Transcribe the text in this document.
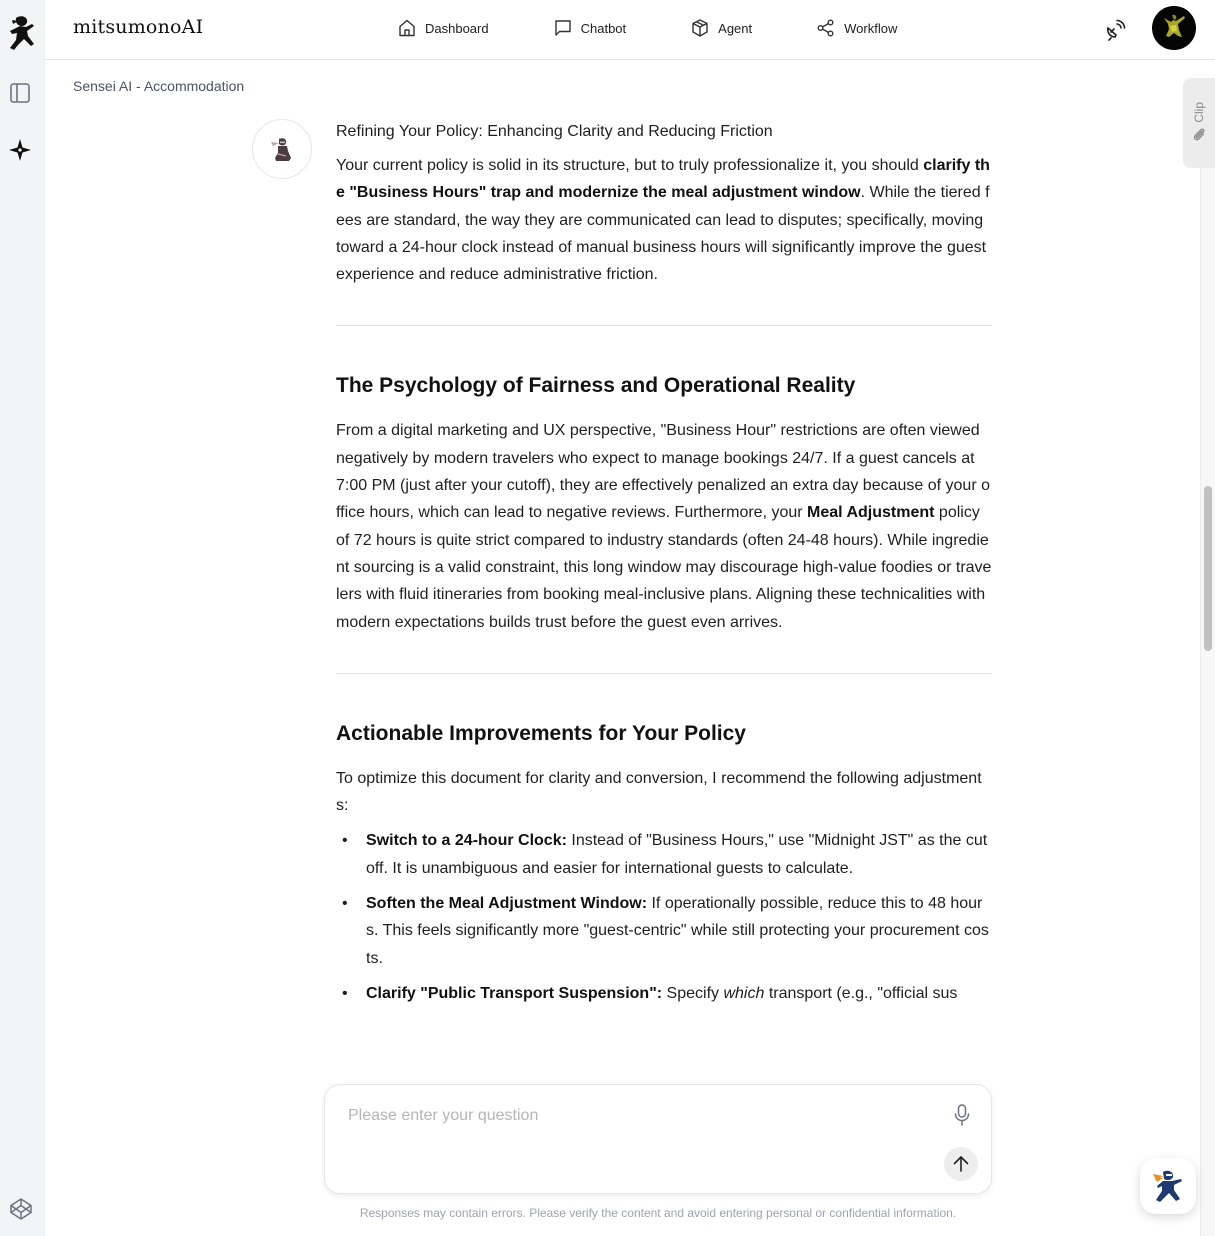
mitsumonoAI	Dashboard	Chatbot	Agent	Workflow
Sensei AI - Accommodation

Refining Your Policy: Enhancing Clarity and Reducing Friction

Your current policy is solid in its structure, but to truly professionalize it, you should clarify the "Business Hours" trap and modernize the meal adjustment window. While the tiered fees are standard, the way they are communicated can lead to disputes; specifically, moving toward a 24-hour clock instead of manual business hours will significantly improve the guest experience and reduce administrative friction.

The Psychology of Fairness and Operational Reality

From a digital marketing and UX perspective, "Business Hour" restrictions are often viewed negatively by modern travelers who expect to manage bookings 24/7. If a guest cancels at 7:00 PM (just after your cutoff), they are effectively penalized an extra day because of your office hours, which can lead to negative reviews. Furthermore, your Meal Adjustment policy of 72 hours is quite strict compared to industry standards (often 24-48 hours). While ingredient sourcing is a valid constraint, this long window may discourage high-value foodies or travelers with fluid itineraries from booking meal-inclusive plans. Aligning these technicalities with modern expectations builds trust before the guest even arrives.

Actionable Improvements for Your Policy

To optimize this document for clarity and conversion, I recommend the following adjustments:

• Switch to a 24-hour Clock: Instead of "Business Hours," use "Midnight JST" as the cutoff. It is unambiguous and easier for international guests to calculate.
• Soften the Meal Adjustment Window: If operationally possible, reduce this to 48 hours. This feels significantly more "guest-centric" while still protecting your procurement costs.
• Clarify "Public Transport Suspension": Specify which transport (e.g., "official sus
Clip
Please enter your question
Responses may contain errors. Please verify the content and avoid entering personal or confidential information.
